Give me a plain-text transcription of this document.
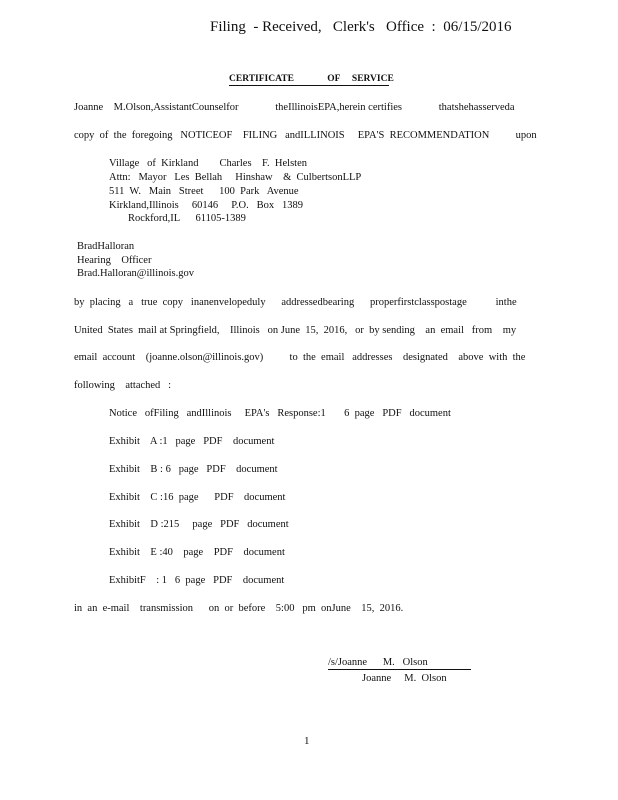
Filing  - Received,   Clerk's   Office  :  06/15/2016
CERTIFICATE              OF     SERVICE
Joanne    M.Olson,AssistantCounselfor              theIllinoisEPA,herein certifies              thatshehasserveda
copy  of  the  foregoing   NOTICEOF    FILING   andILLINOIS     EPA'S  RECOMMENDATION          upon
Village   of  Kirkland        Charles    F.  Helsten
Attn:   Mayor   Les  Bellah     Hinshaw    &  CulbertsonLLP
511  W.   Main   Street      100  Park   Avenue
Kirkland,Illinois     60146     P.O.   Box   1389
Rockford,IL      61105-1389
BradHalloran
Hearing    Officer
Brad.Halloran@illinois.gov
by  placing   a   true  copy   inanenvelopeduly      addressedbearing      properfirstclasspostage           inthe
United  States  mail at Springfield,    Illinois   on June  15,  2016,   or  by sending    an  email   from    my
email  account    (joanne.olson@illinois.gov)          to  the  email   addresses    designated    above  with  the
following    attached   :
Notice   ofFiling   andIllinois     EPA's   Response:1       6  page   PDF   document
Exhibit    A :1   page   PDF    document
Exhibit    B : 6   page   PDF    document
Exhibit    C :16  page      PDF    document
Exhibit    D :215     page   PDF   document
Exhibit    E :40    page    PDF    document
ExhibitF    : 1   6  page   PDF    document
in  an  e-mail    transmission      on  or  before    5:00   pm  onJune    15,  2016.
/s/Joanne      M.   Olson
Joanne     M.  Olson
1
